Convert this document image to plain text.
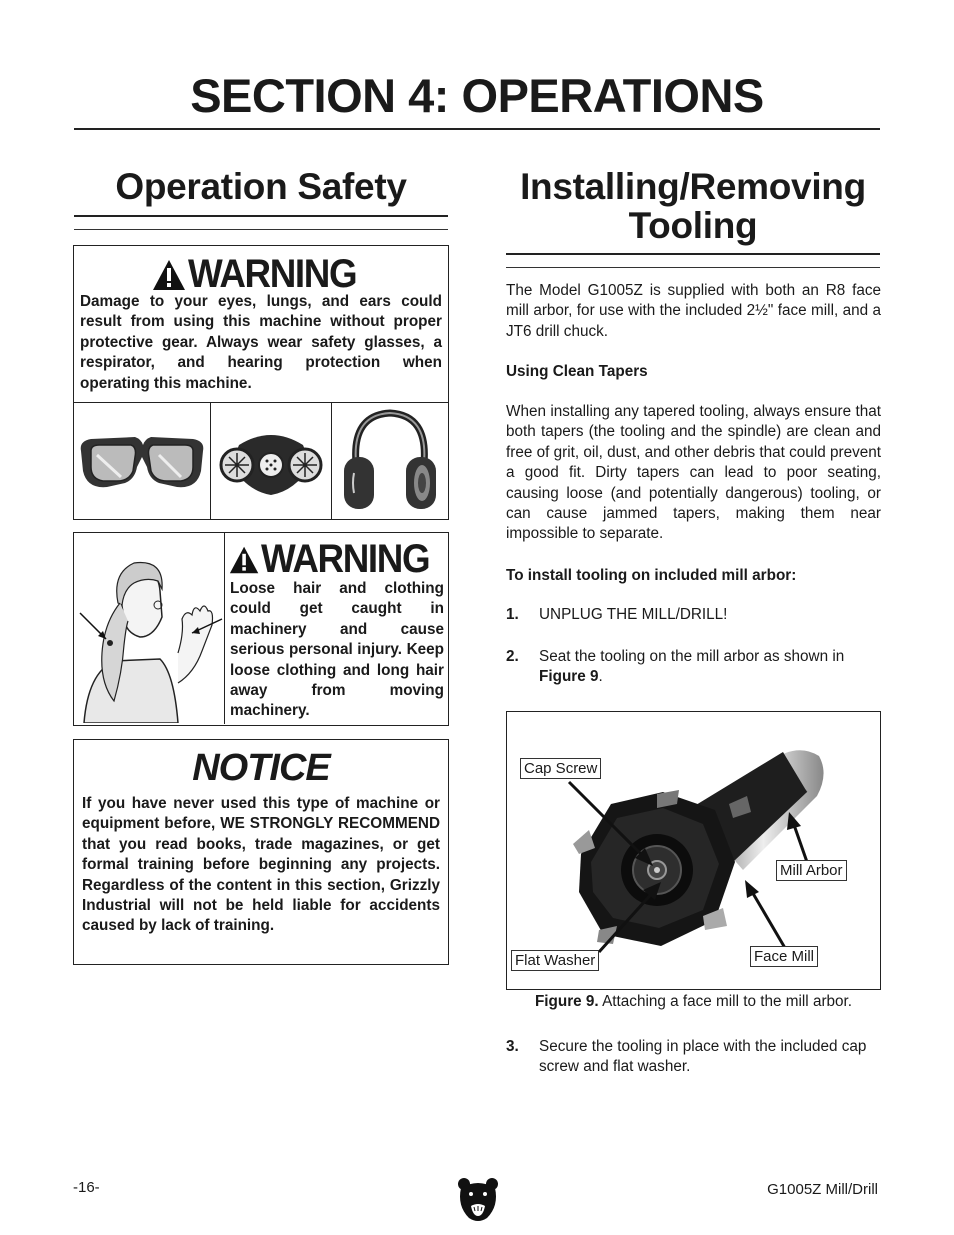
SECTION 4: OPERATIONS
Operation Safety
WARNING
Damage to your eyes, lungs, and ears could result from using this machine without proper protective gear. Always wear safety glasses, a respirator, and hearing protection when operating this machine.
WARNING
Loose hair and clothing could get caught in machinery and cause serious personal injury. Keep loose clothing and long hair away from moving machinery.
NOTICE
If you have never used this type of machine or equipment before, WE STRONGLY RECOMMEND that you read books, trade magazines, or get formal training before beginning any projects. Regardless of the content in this section, Grizzly Industrial will not be held liable for accidents caused by lack of training.
Installing/Removing
Tooling
The Model G1005Z is supplied with both an R8 face mill arbor, for use with the included 2½" face mill, and a JT6 drill chuck.
Using Clean Tapers
When installing any tapered tooling, always ensure that both tapers (the tooling and the spindle) are clean and free of grit, oil, dust, and other debris that could prevent a good fit. Dirty tapers can lead to poor seating, causing loose (and potentially dangerous) tooling, or can cause jammed tapers, making them near impossible to separate.
To install tooling on included mill arbor:
1. UNPLUG THE MILL/DRILL!
2. Seat the tooling on the mill arbor as shown in Figure 9.
Cap Screw
Mill Arbor
Flat Washer	Face Mill
Figure 9. Attaching a face mill to the mill arbor.
3. Secure the tooling in place with the included cap screw and flat washer.
-16-	G1005Z Mill/Drill
